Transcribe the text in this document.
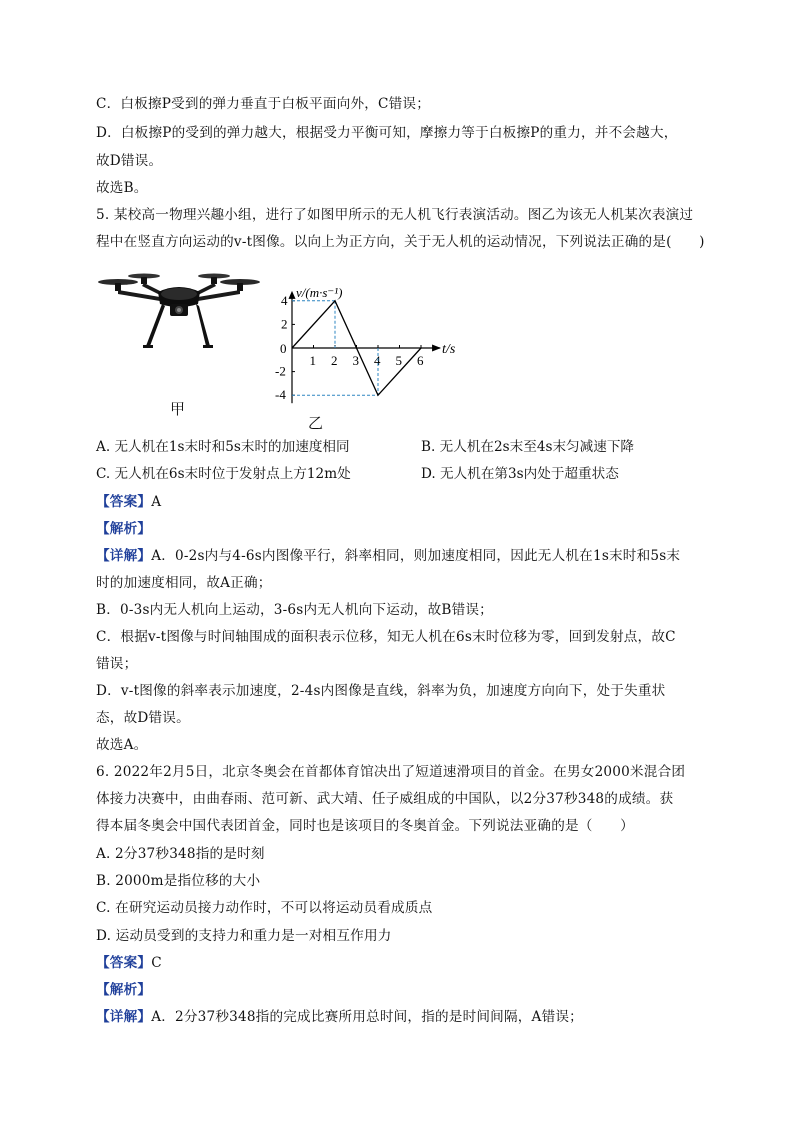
C．白板擦P受到的弹力垂直于白板平面向外，C错误；
D．白板擦P的受到的弹力越大，根据受力平衡可知，摩擦力等于白板擦P的重力，并不会越大，
故D错误。
故选B。
5. 某校高一物理兴趣小组，进行了如图甲所示的无人机飞行表演活动。图乙为该无人机某次表演过
程中在竖直方向运动的v-t图像。以向上为正方向，关于无人机的运动情况，下列说法正确的是(　　)
甲
v/(m·s⁻¹)
t/s
0
1 2 3 4 5 6
4
2
-2
-4
乙
A. 无人机在1s末时和5s末时的加速度相同	B. 无人机在2s末至4s末匀减速下降
C. 无人机在6s末时位于发射点上方12m处	D. 无人机在第3s内处于超重状态
【答案】A
【解析】
【详解】A．0-2s内与4-6s内图像平行，斜率相同，则加速度相同，因此无人机在1s末时和5s末
时的加速度相同，故A正确；
B．0-3s内无人机向上运动，3-6s内无人机向下运动，故B错误；
C．根据v-t图像与时间轴围成的面积表示位移，知无人机在6s末时位移为零，回到发射点，故C
错误；
D．v-t图像的斜率表示加速度，2-4s内图像是直线，斜率为负，加速度方向向下，处于失重状
态，故D错误。
故选A。
6. 2022年2月5日，北京冬奥会在首都体育馆决出了短道速滑项目的首金。在男女2000米混合团
体接力决赛中，由曲春雨、范可新、武大靖、任子威组成的中国队，以2分37秒348的成绩。获
得本届冬奥会中国代表团首金，同时也是该项目的冬奥首金。下列说法亚确的是（　　）
A. 2分37秒348指的是时刻
B. 2000m是指位移的大小
C. 在研究运动员接力动作时，不可以将运动员看成质点
D. 运动员受到的支持力和重力是一对相互作用力
【答案】C
【解析】
【详解】A．2分37秒348指的完成比赛所用总时间，指的是时间间隔，A错误；
